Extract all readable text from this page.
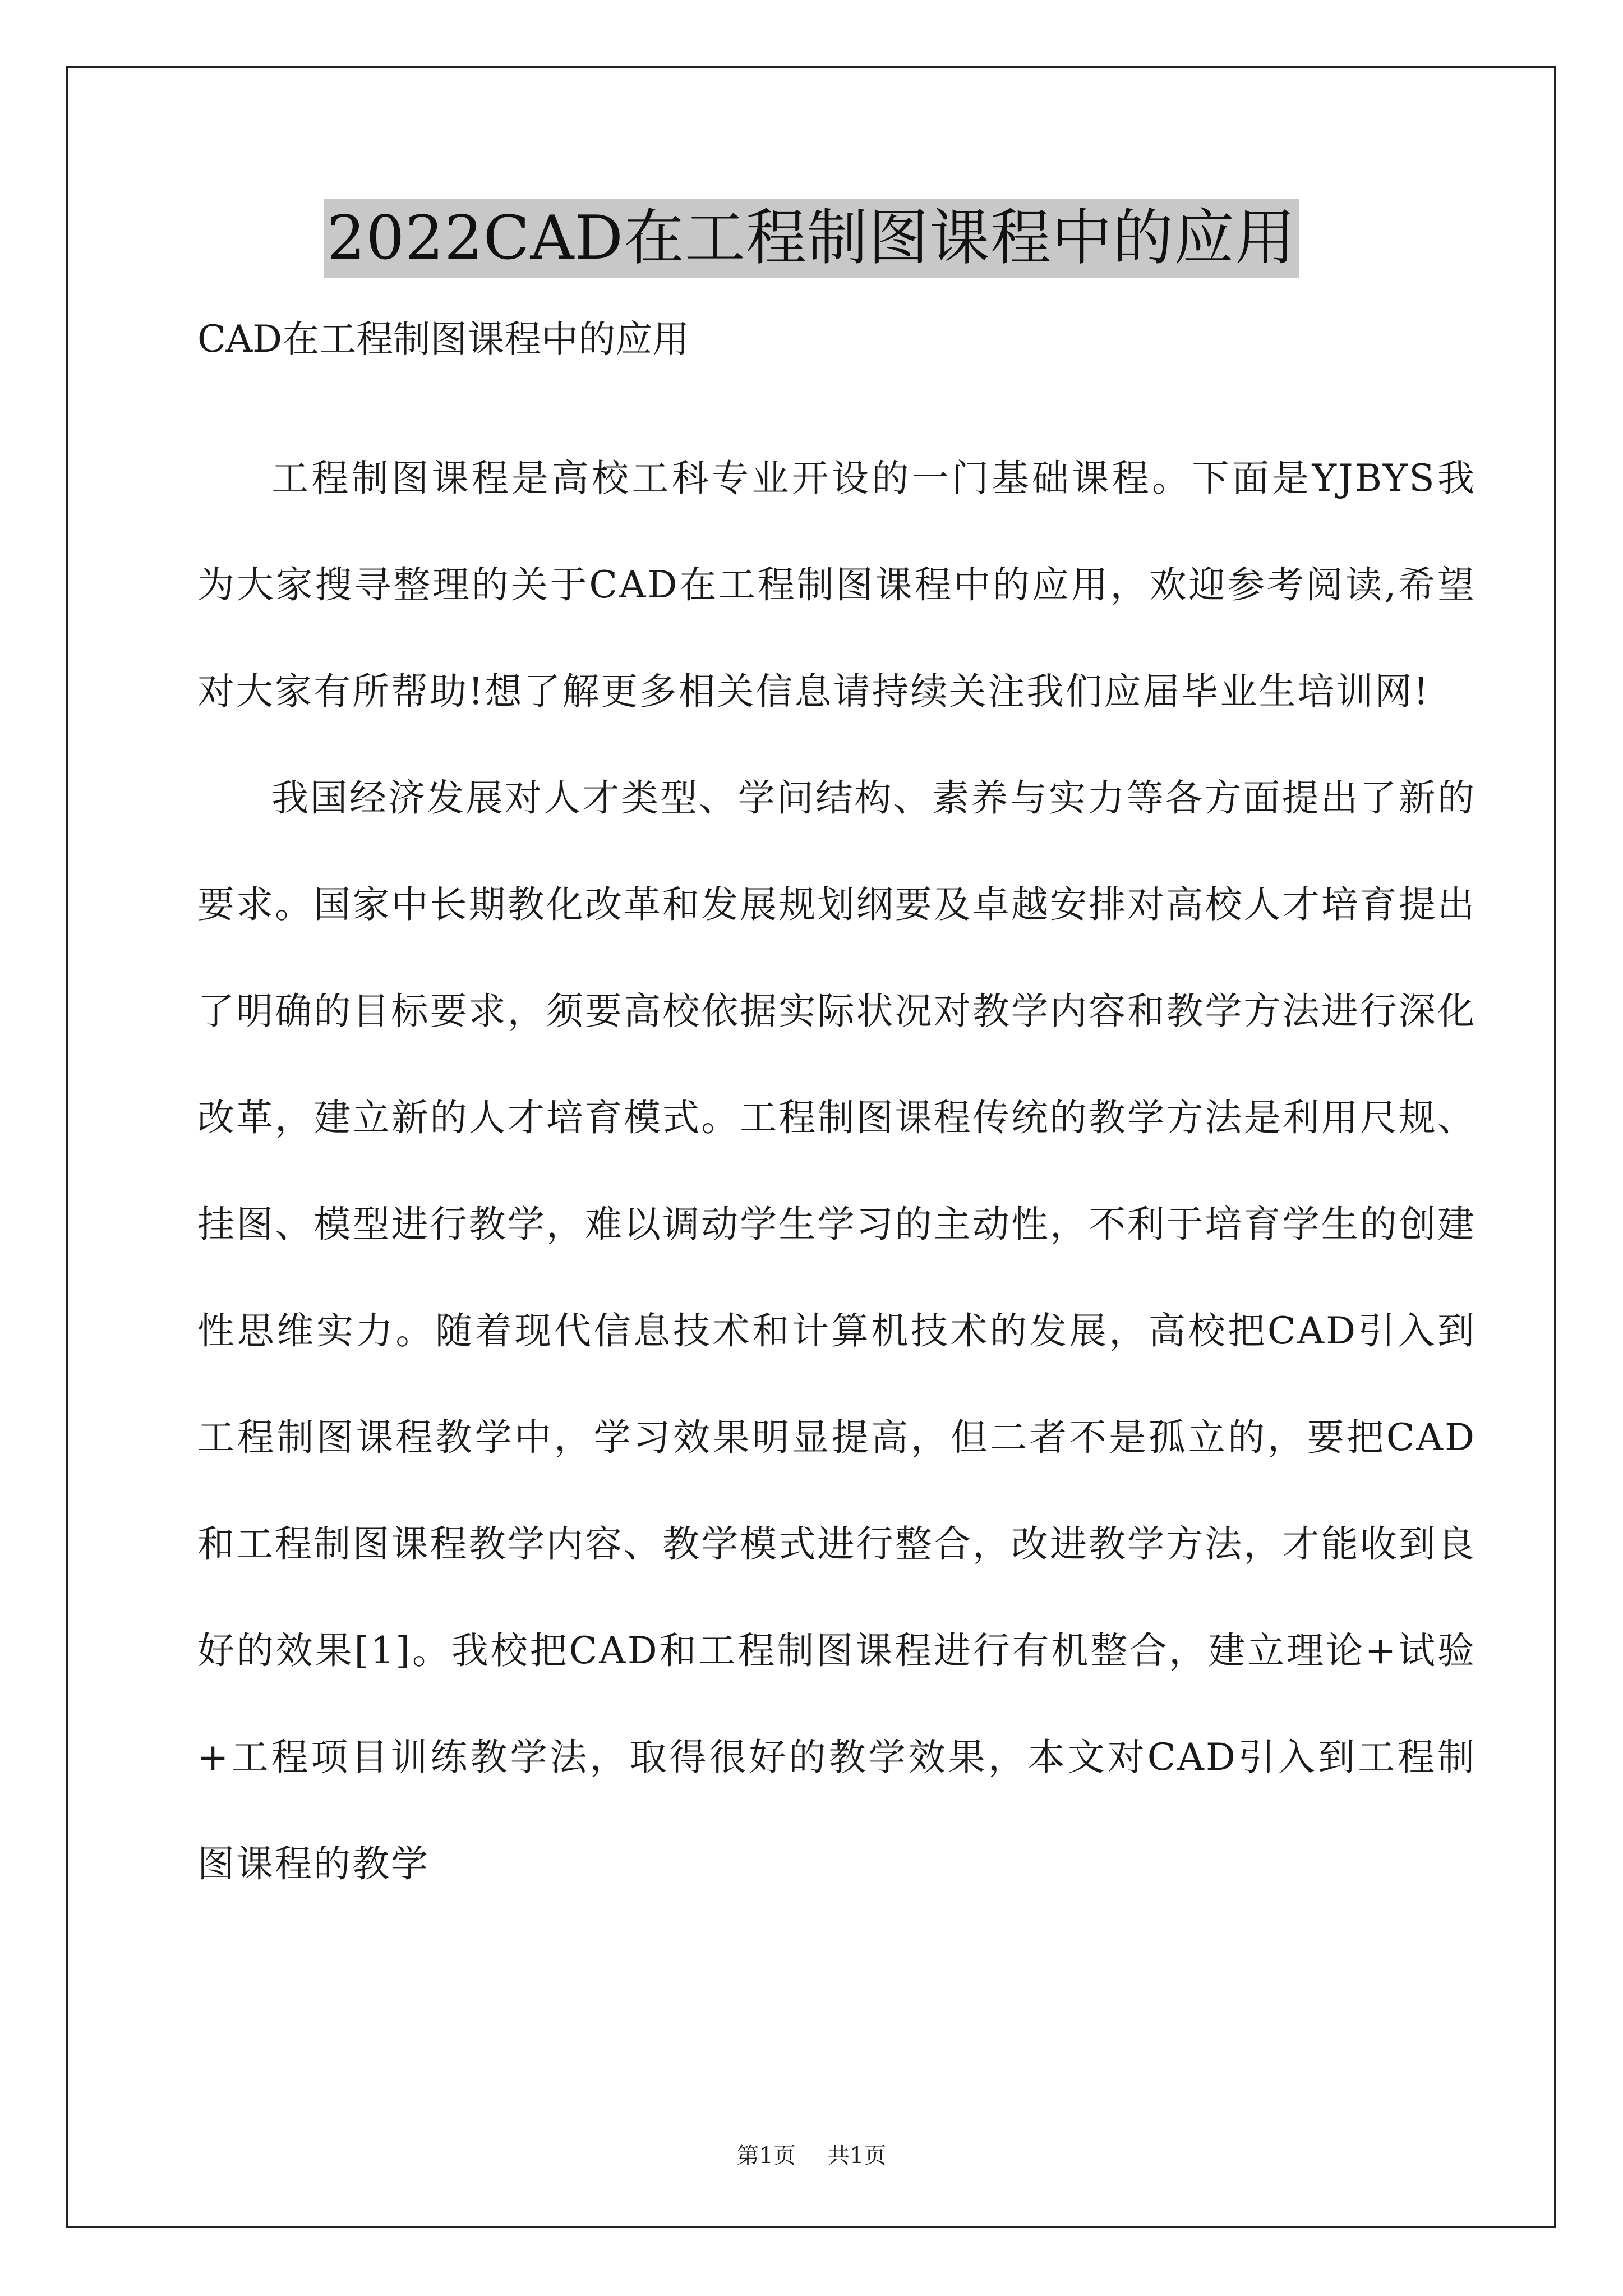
2022CAD在工程制图课程中的应用
CAD在工程制图课程中的应用

工程制图课程是高校工科专业开设的一门基础课程。下面是YJBYS我为大家搜寻整理的关于CAD在工程制图课程中的应用，欢迎参考阅读,希望对大家有所帮助!想了解更多相关信息请持续关注我们应届毕业生培训网!

我国经济发展对人才类型、学问结构、素养与实力等各方面提出了新的要求。国家中长期教化改革和发展规划纲要及卓越安排对高校人才培育提出了明确的目标要求，须要高校依据实际状况对教学内容和教学方法进行深化改革，建立新的人才培育模式。工程制图课程传统的教学方法是利用尺规、挂图、模型进行教学，难以调动学生学习的主动性，不利于培育学生的创建性思维实力。随着现代信息技术和计算机技术的发展，高校把CAD引入到工程制图课程教学中，学习效果明显提高，但二者不是孤立的，要把CAD和工程制图课程教学内容、教学模式进行整合，改进教学方法，才能收到良好的效果[1]。我校把CAD和工程制图课程进行有机整合，建立理论+试验+工程项目训练教学法，取得很好的教学效果，本文对CAD引入到工程制图课程的教学

第1页 共1页
